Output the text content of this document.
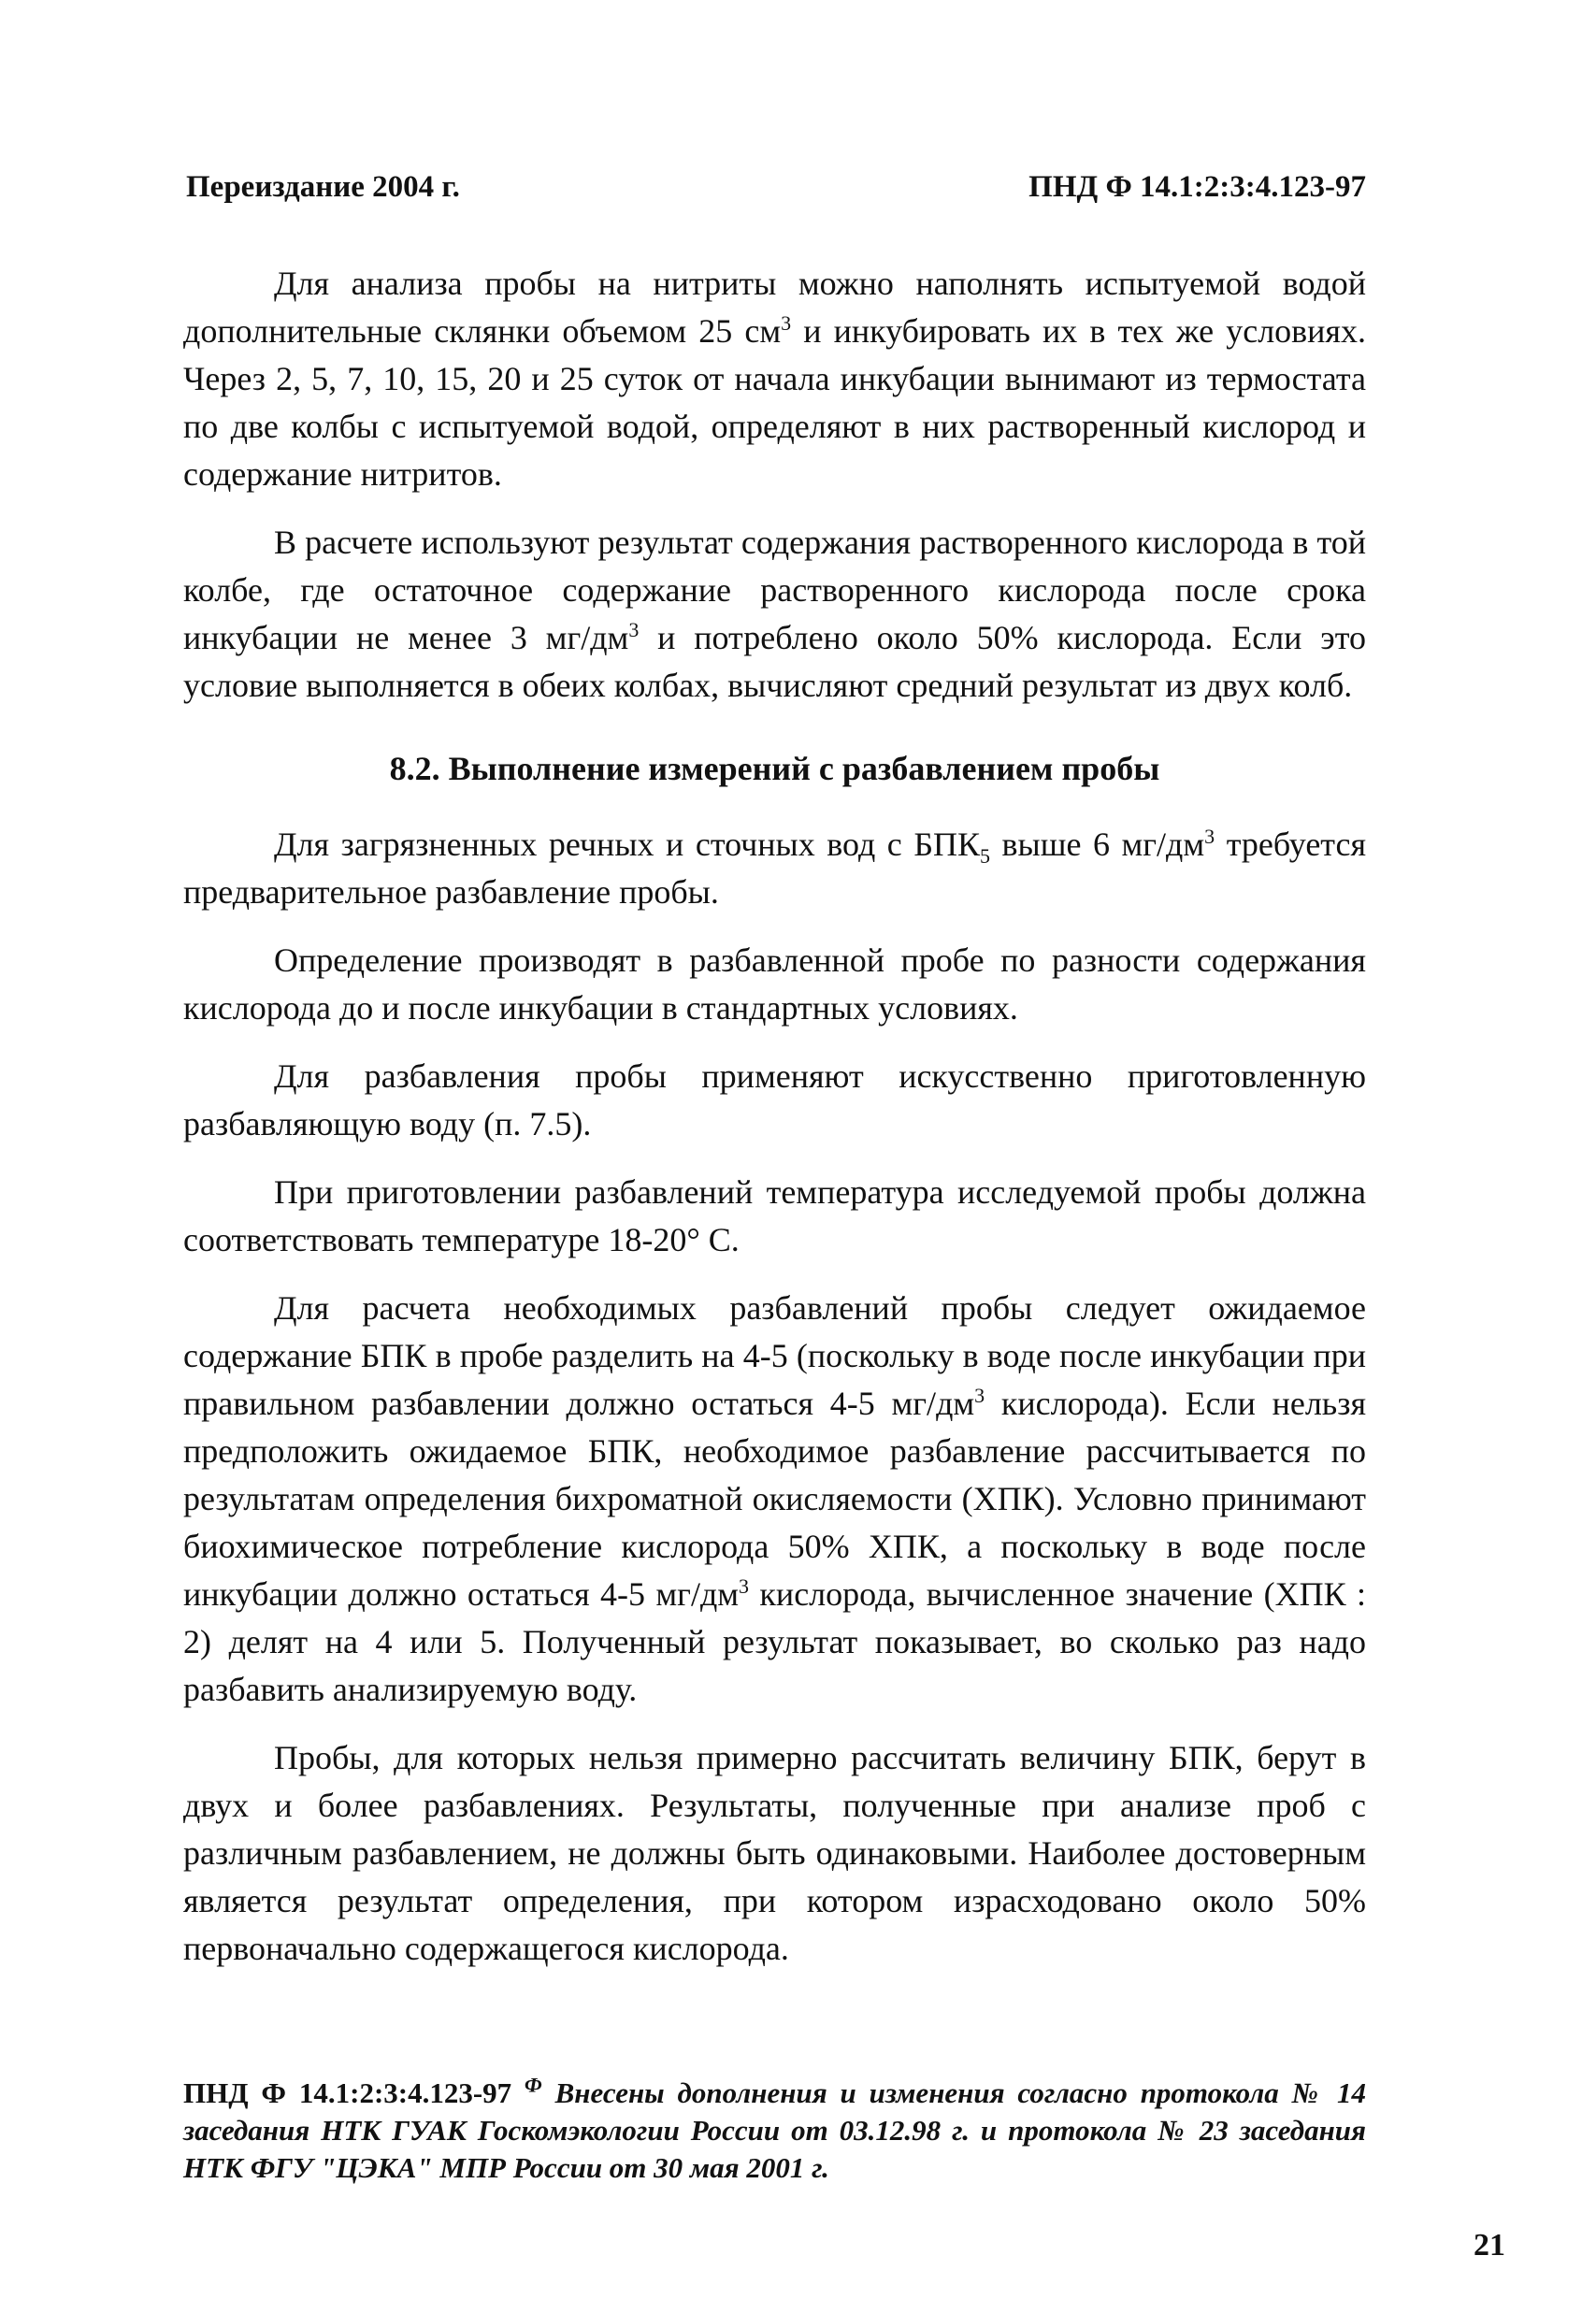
Переиздание 2004 г.	ПНД Ф 14.1:2:3:4.123-97

Для анализа пробы на нитриты можно наполнять испытуемой водой дополнительные склянки объемом 25 $см^3$ и инкубировать их в тех же условиях. Через 2, 5, 7, 10, 15, 20 и 25 суток от начала инкубации вынимают из термостата по две колбы с испытуемой водой, определяют в них растворенный кислород и содержание нитритов.

В расчете используют результат содержания растворенного кислорода в той колбе, где остаточное содержание растворенного кислорода после срока инкубации не менее 3 $мг/дм^3$ и потреблено около 50% кислорода. Если это условие выполняется в обеих колбах, вычисляют средний результат из двух колб.

8.2. Выполнение измерений с разбавлением пробы

Для загрязненных речных и сточных вод с $БПК_5$ выше 6 $мг/дм^3$ требуется предварительное разбавление пробы.

Определение производят в разбавленной пробе по разности содержания кислорода до и после инкубации в стандартных условиях.

Для разбавления пробы применяют искусственно приготовленную разбавляющую воду (п. 7.5).

При приготовлении разбавлений температура исследуемой пробы должна соответствовать температуре 18-20° С.

Для расчета необходимых разбавлений пробы следует ожидаемое содержание БПК в пробе разделить на 4-5 (поскольку в воде после инкубации при правильном разбавлении должно остаться 4-5 $мг/дм^3$ кислорода). Если нельзя предположить ожидаемое БПК, необходимое разбавление рассчитывается по результатам определения бихроматной окисляемости (ХПК). Условно принимают биохимическое потребление кислорода 50% ХПК, а поскольку в воде после инкубации должно остаться 4-5 $мг/дм^3$ кислорода, вычисленное значение (ХПК : 2) делят на 4 или 5. Полученный результат показывает, во сколько раз надо разбавить анализируемую воду.

Пробы, для которых нельзя примерно рассчитать величину БПК, берут в двух и более разбавлениях. Результаты, полученные при анализе проб с различным разбавлением, не должны быть одинаковыми. Наиболее достоверным является результат определения, при котором израсходовано около 50% первоначально содержащегося кислорода.

ПНД Ф 14.1:2:3:4.123-97 $^Ф$ Внесены дополнения и изменения согласно протокола № 14 заседания НТК ГУАК Госкомэкологии России от 03.12.98 г. и протокола № 23 заседания НТК ФГУ "ЦЭКА" МПР России от 30 мая 2001 г.
21
